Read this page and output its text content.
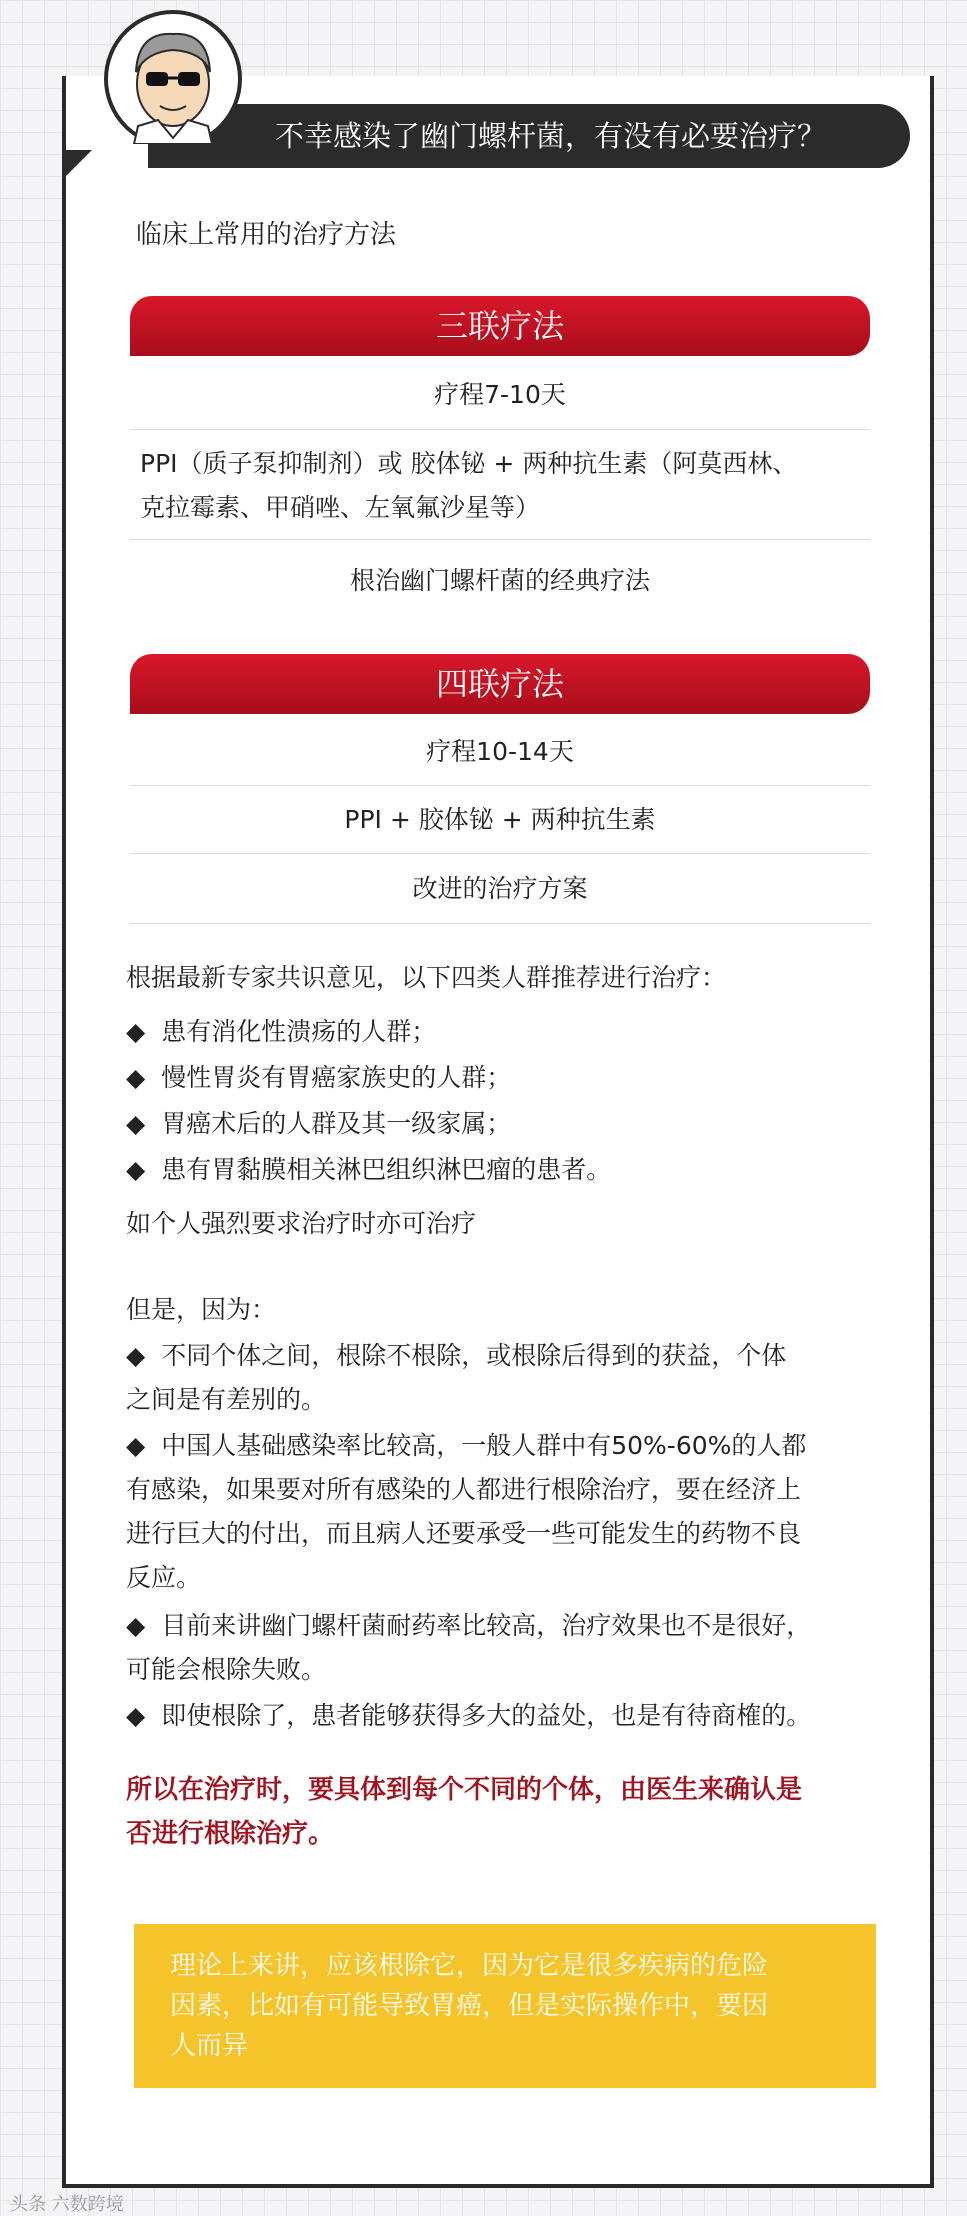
不幸感染了幽门螺杆菌，有没有必要治疗？
临床上常用的治疗方法
三联疗法
疗程7-10天
PPI（质子泵抑制剂）或 胶体铋 + 两种抗生素（阿莫西林、
克拉霉素、甲硝唑、左氧氟沙星等）
根治幽门螺杆菌的经典疗法
四联疗法
疗程10-14天
PPI + 胶体铋 + 两种抗生素
改进的治疗方案
根据最新专家共识意见，以下四类人群推荐进行治疗：
◆ 患有消化性溃疡的人群；
◆ 慢性胃炎有胃癌家族史的人群；
◆ 胃癌术后的人群及其一级家属；
◆ 患有胃黏膜相关淋巴组织淋巴瘤的患者。
如个人强烈要求治疗时亦可治疗
但是，因为：
◆ 不同个体之间，根除不根除，或根除后得到的获益，个体
之间是有差别的。
◆ 中国人基础感染率比较高，一般人群中有50%-60%的人都
有感染，如果要对所有感染的人都进行根除治疗，要在经济上
进行巨大的付出，而且病人还要承受一些可能发生的药物不良
反应。
◆ 目前来讲幽门螺杆菌耐药率比较高，治疗效果也不是很好，
可能会根除失败。
◆ 即使根除了，患者能够获得多大的益处，也是有待商榷的。
所以在治疗时，要具体到每个不同的个体，由医生来确认是
否进行根除治疗。
理论上来讲，应该根除它，因为它是很多疾病的危险
因素，比如有可能导致胃癌，但是实际操作中，要因
人而异
头条 六数跨境
